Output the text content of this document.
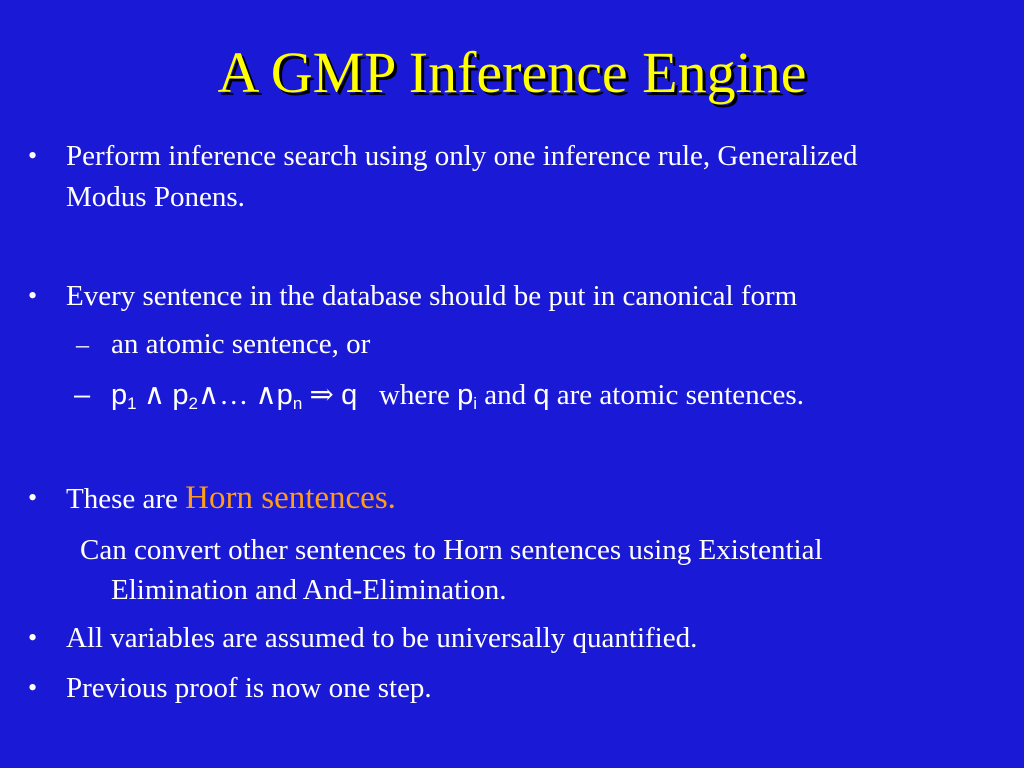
A GMP Inference Engine
• Perform inference search using only one inference rule, Generalized
Modus Ponens.
• Every sentence in the database should be put in canonical form
– an atomic sentence, or
– $p_1$ ∧ $p_2\wedge\dots$ $\wedge p_n$ ⇒ q where $p_i$ and q are atomic sentences.
• These are Horn sentences.
Can convert other sentences to Horn sentences using Existential
Elimination and And-Elimination.
• All variables are assumed to be universally quantified.
• Previous proof is now one step.
